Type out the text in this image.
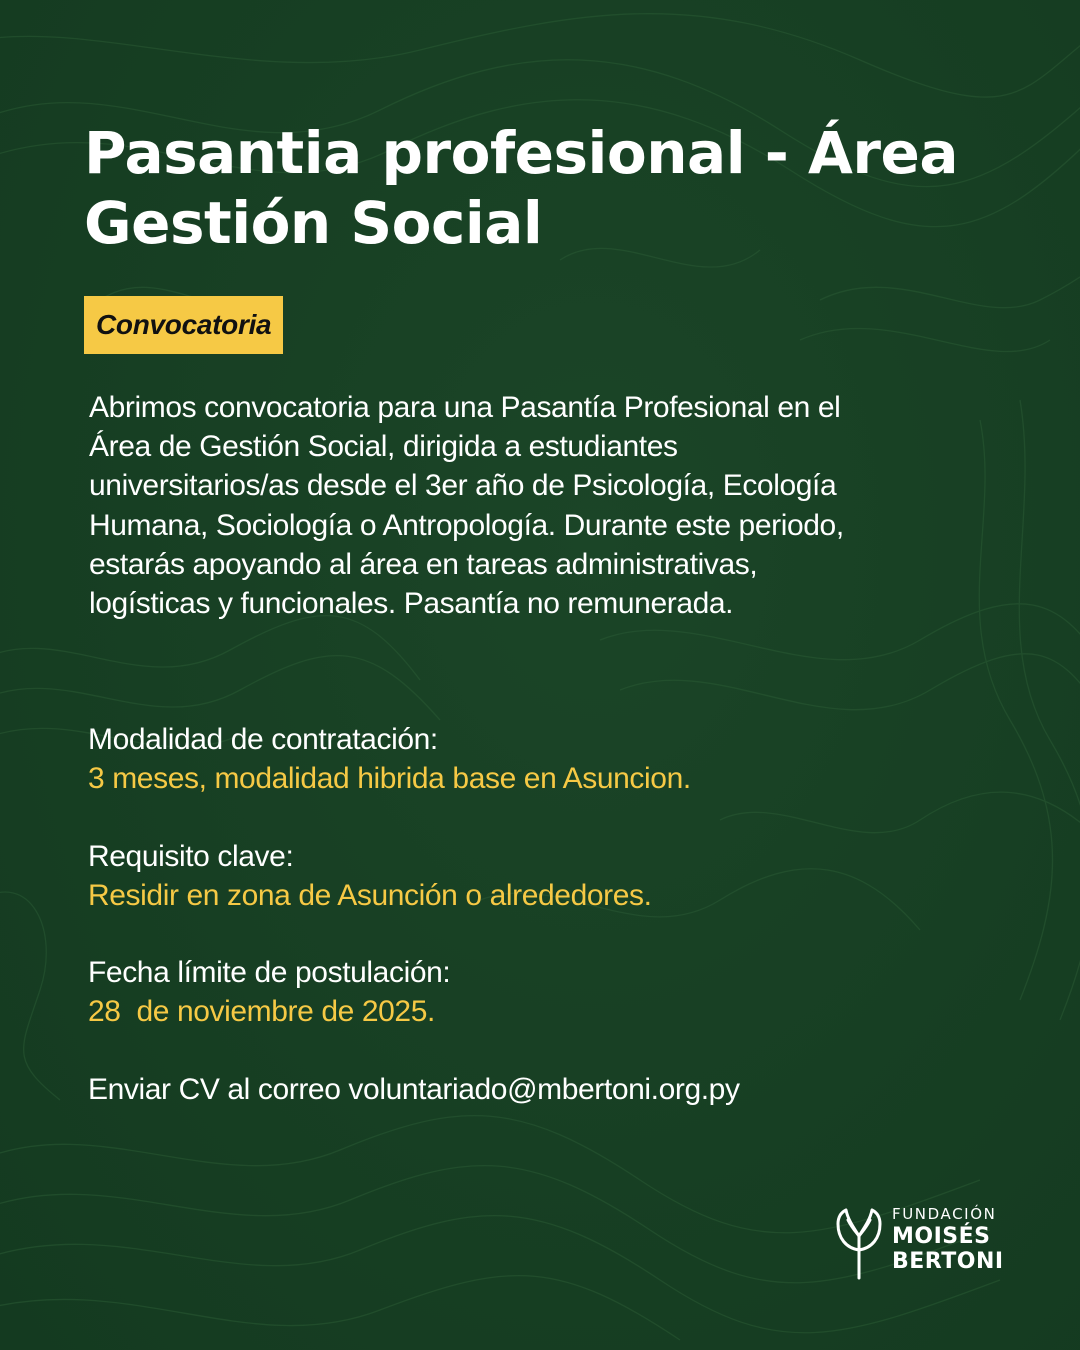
Pasantia profesional - Área
Gestión Social
Convocatoria
Abrimos convocatoria para una Pasantía Profesional en el
Área de Gestión Social, dirigida a estudiantes
universitarios/as desde el 3er año de Psicología, Ecología
Humana, Sociología o Antropología. Durante este periodo,
estarás apoyando al área en tareas administrativas,
logísticas y funcionales. Pasantía no remunerada.
Modalidad de contratación:
3 meses, modalidad hibrida base en Asuncion.
Requisito clave:
Residir en zona de Asunción o alrededores.
Fecha límite de postulación:
28  de noviembre de 2025.
Enviar CV al correo voluntariado@mbertoni.org.py
FUNDACIÓN
MOISÉS
BERTONI
